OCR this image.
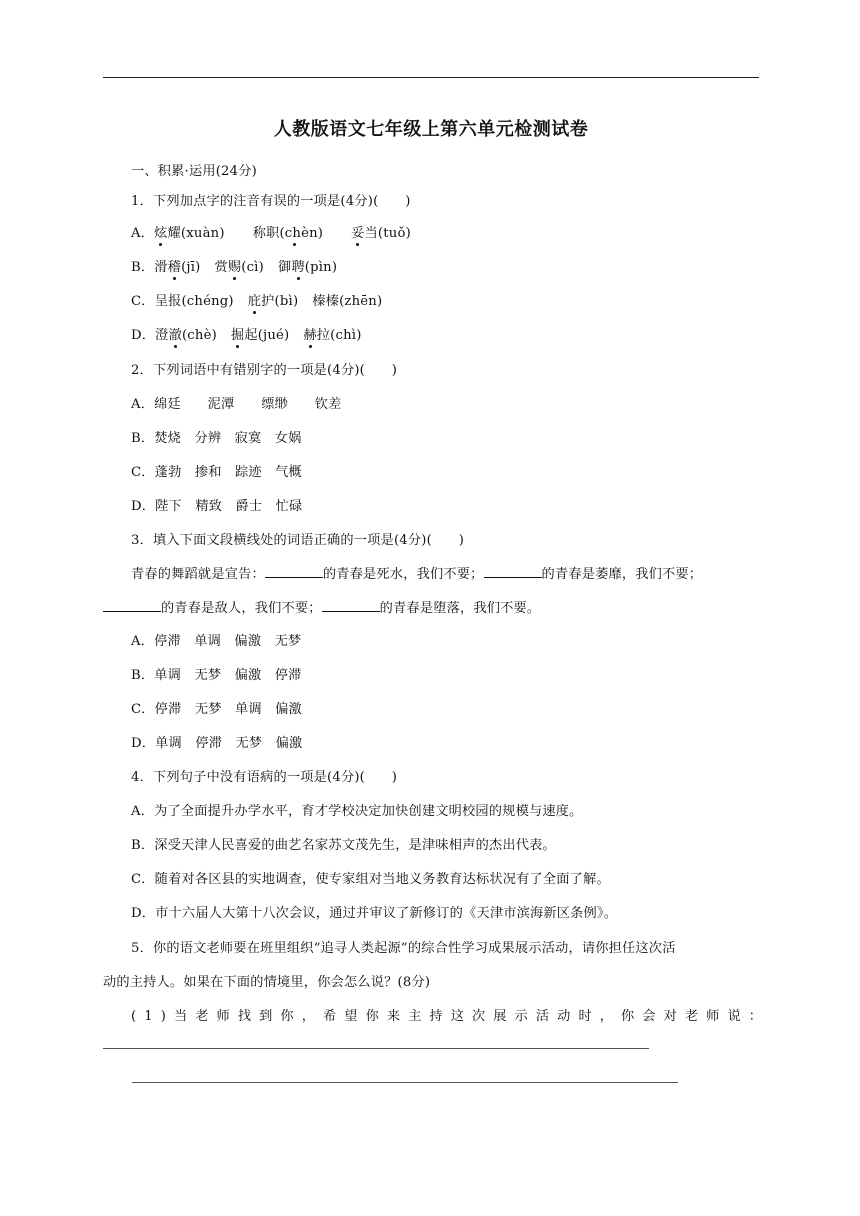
人教版语文七年级上第六单元检测试卷
一、积累·运用(24分)
1．下列加点字的注音有误的一项是(4分)(　　)
A．炫耀(xuàn) 称职(chèn) 妥当(tuǒ)
B．滑稽(jī) 赏赐(cì) 御聘(pìn)
C．呈报(chéng) 庇护(bì) 榛榛(zhēn)
D．澄澈(chè) 掘起(jué) 赫拉(chì)
2．下列词语中有错别字的一项是(4分)(　　)
A．绵廷　　泥潭　　缥缈　　钦差
B．焚烧　分辨　寂寞　女娲
C．蓬勃　掺和　踪迹　气概
D．陛下　精致　爵士　忙碌
3．填入下面文段横线处的词语正确的一项是(4分)(　　)
青春的舞蹈就是宣告：	的青春是死水，我们不要；	的青春是萎靡，我们不要；
的青春是敌人，我们不要；	的青春是堕落，我们不要。
A．停滞　单调　偏激　无梦
B．单调　无梦　偏激　停滞
C．停滞　无梦　单调　偏激
D．单调　停滞　无梦　偏激
4．下列句子中没有语病的一项是(4分)(　　)
A．为了全面提升办学水平，育才学校决定加快创建文明校园的规模与速度。
B．深受天津人民喜爱的曲艺名家苏文茂先生，是津味相声的杰出代表。
C．随着对各区县的实地调查，使专家组对当地义务教育达标状况有了全面了解。
D．市十六届人大第十八次会议，通过并审议了新修订的《天津市滨海新区条例》。
5．你的语文老师要在班里组织“追寻人类起源”的综合性学习成果展示活动，请你担任这次活
动的主持人。如果在下面的情境里，你会怎么说？(8分)
(1)当老师找到你，希望你来主持这次展示活动时，你会对老师说：
